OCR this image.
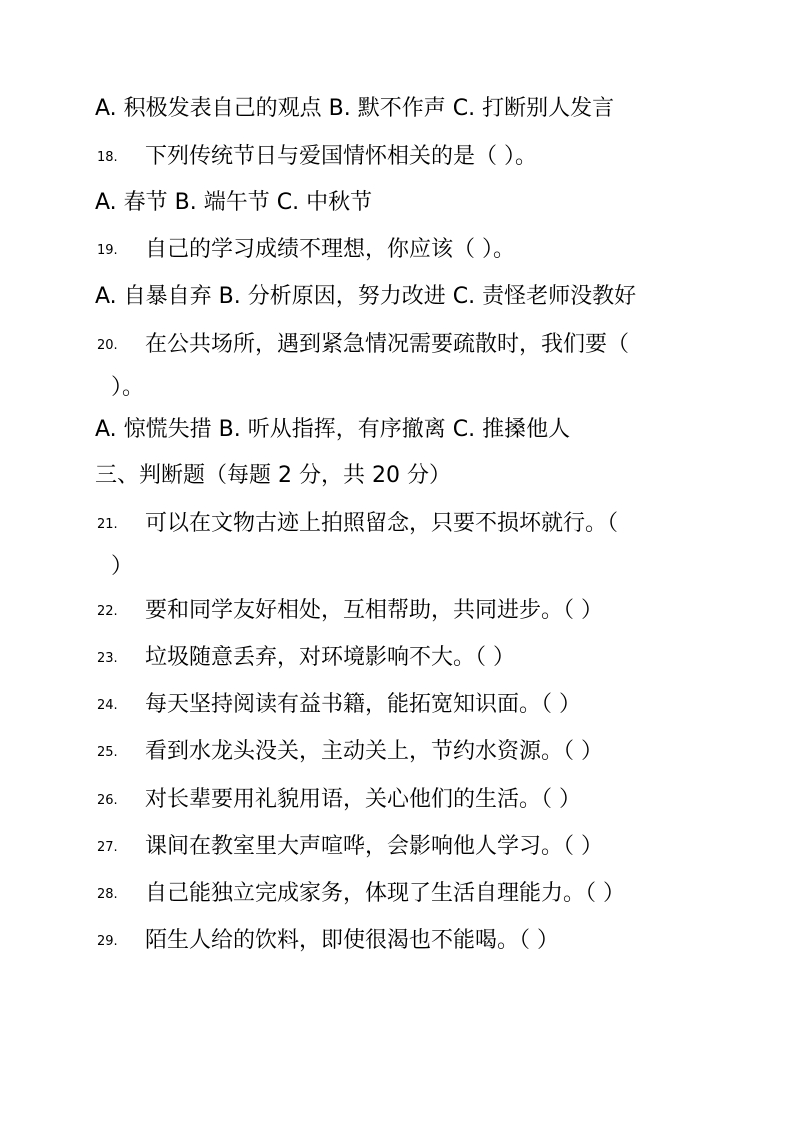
A. 积极发表自己的观点 B. 默不作声 C. 打断别人发言
18. 下列传统节日与爱国情怀相关的是（ ）。
A. 春节 B. 端午节 C. 中秋节
19. 自己的学习成绩不理想，你应该（ ）。
A. 自暴自弃 B. 分析原因，努力改进 C. 责怪老师没教好
20. 在公共场所，遇到紧急情况需要疏散时，我们要（
）。
A. 惊慌失措 B. 听从指挥，有序撤离 C. 推搡他人
三、判断题（每题 2 分，共 20 分）
21. 可以在文物古迹上拍照留念，只要不损坏就行。（
）
22. 要和同学友好相处，互相帮助，共同进步。（ ）
23. 垃圾随意丢弃，对环境影响不大。（ ）
24. 每天坚持阅读有益书籍，能拓宽知识面。（ ）
25. 看到水龙头没关，主动关上，节约水资源。（ ）
26. 对长辈要用礼貌用语，关心他们的生活。（ ）
27. 课间在教室里大声喧哗，会影响他人学习。（ ）
28. 自己能独立完成家务，体现了生活自理能力。（ ）
29. 陌生人给的饮料，即使很渴也不能喝。（ ）
